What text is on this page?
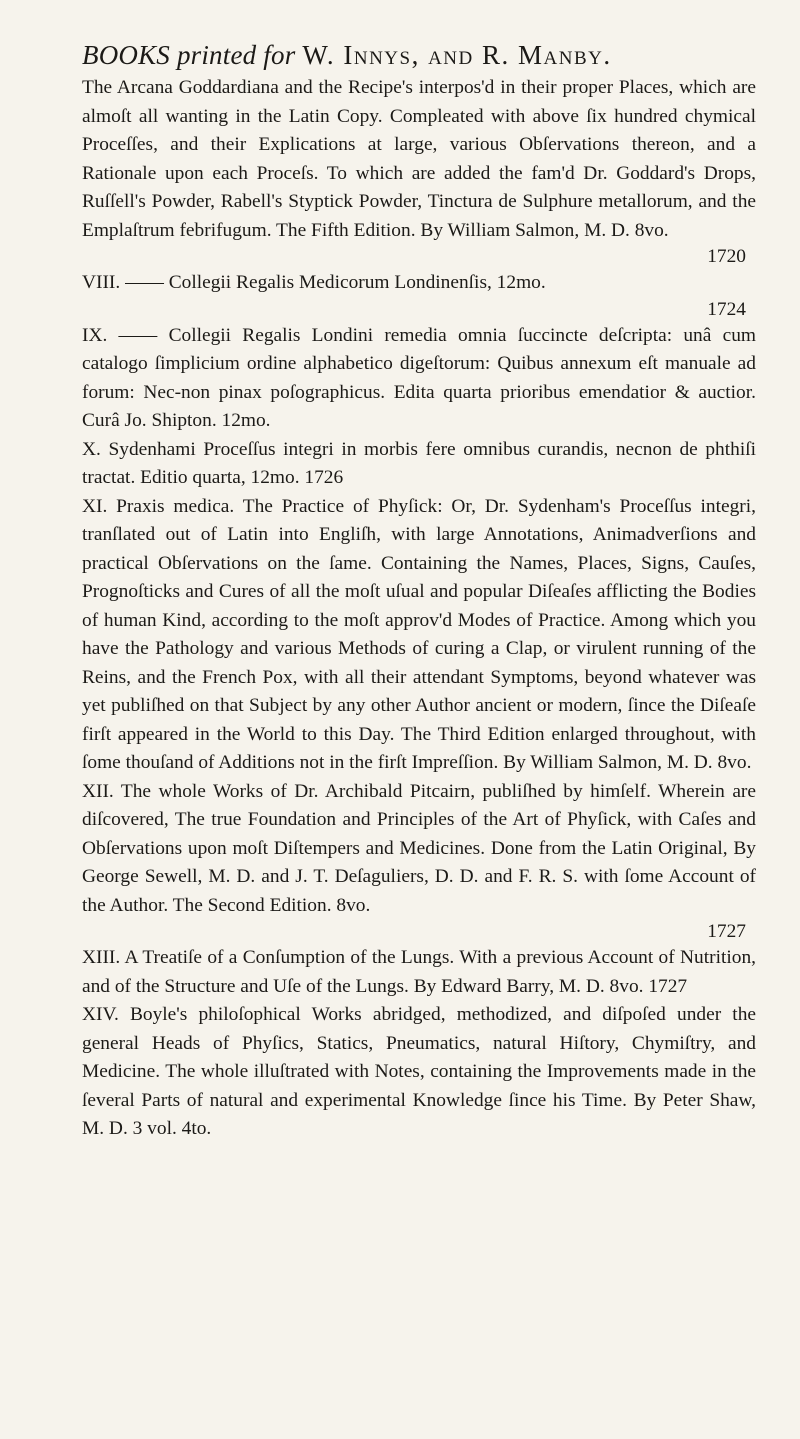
BOOKS printed for W. Innys, and R. Manby.

The Arcana Goddardiana and the Recipe's interpos'd in their proper Places, which are almoſt all wanting in the Latin Copy. Compleated with above ſix hundred chymical Proceſſes, and their Explications at large, various Obſervations thereon, and a Rationale upon each Proceſs. To which are added the fam'd Dr. Goddard's Drops, Ruſſell's Powder, Rabell's Styptick Powder, Tinctura de Sulphure metallorum, and the Emplaſtrum febrifugum. The Fifth Edition. By William Salmon, M. D. 8vo.

1720

VIII. —— Collegii Regalis Medicorum Londinenſis, 12mo.

1724

IX. —— Collegii Regalis Londini remedia omnia ſuccincte deſcripta: unâ cum catalogo ſimplicium ordine alphabetico digeſtorum: Quibus annexum eſt manuale ad forum: Nec-non pinax poſographicus. Edita quarta prioribus emendatior & auctior. Curâ Jo. Shipton. 12mo.

X. Sydenhami Proceſſus integri in morbis fere omnibus curandis, necnon de phthiſi tractat. Editio quarta, 12mo. 1726

XI. Praxis medica. The Practice of Phyſick: Or, Dr. Sydenham's Proceſſus integri, tranſlated out of Latin into Engliſh, with large Annotations, Animadverſions and practical Obſervations on the ſame. Containing the Names, Places, Signs, Cauſes, Prognoſticks and Cures of all the moſt uſual and popular Diſeaſes afflicting the Bodies of human Kind, according to the moſt approv'd Modes of Practice. Among which you have the Pathology and various Methods of curing a Clap, or virulent running of the Reins, and the French Pox, with all their attendant Symptoms, beyond whatever was yet publiſhed on that Subject by any other Author ancient or modern, ſince the Diſeaſe firſt appeared in the World to this Day. The Third Edition enlarged throughout, with ſome thouſand of Additions not in the firſt Impreſſion. By William Salmon, M. D. 8vo.

XII. The whole Works of Dr. Archibald Pitcairn, publiſhed by himſelf. Wherein are diſcovered, The true Foundation and Principles of the Art of Phyſick, with Caſes and Obſervations upon moſt Diſtempers and Medicines. Done from the Latin Original, By George Sewell, M. D. and J. T. Deſaguliers, D. D. and F. R. S. with ſome Account of the Author. The Second Edition. 8vo.

1727

XIII. A Treatiſe of a Conſumption of the Lungs. With a previous Account of Nutrition, and of the Structure and Uſe of the Lungs. By Edward Barry, M. D. 8vo. 1727

XIV. Boyle's philoſophical Works abridged, methodized, and diſpoſed under the general Heads of Phyſics, Statics, Pneumatics, natural Hiſtory, Chymiſtry, and Medicine. The whole illuſtrated with Notes, containing the Improvements made in the ſeveral Parts of natural and experimental Knowledge ſince his Time. By Peter Shaw, M. D. 3 vol. 4to.
